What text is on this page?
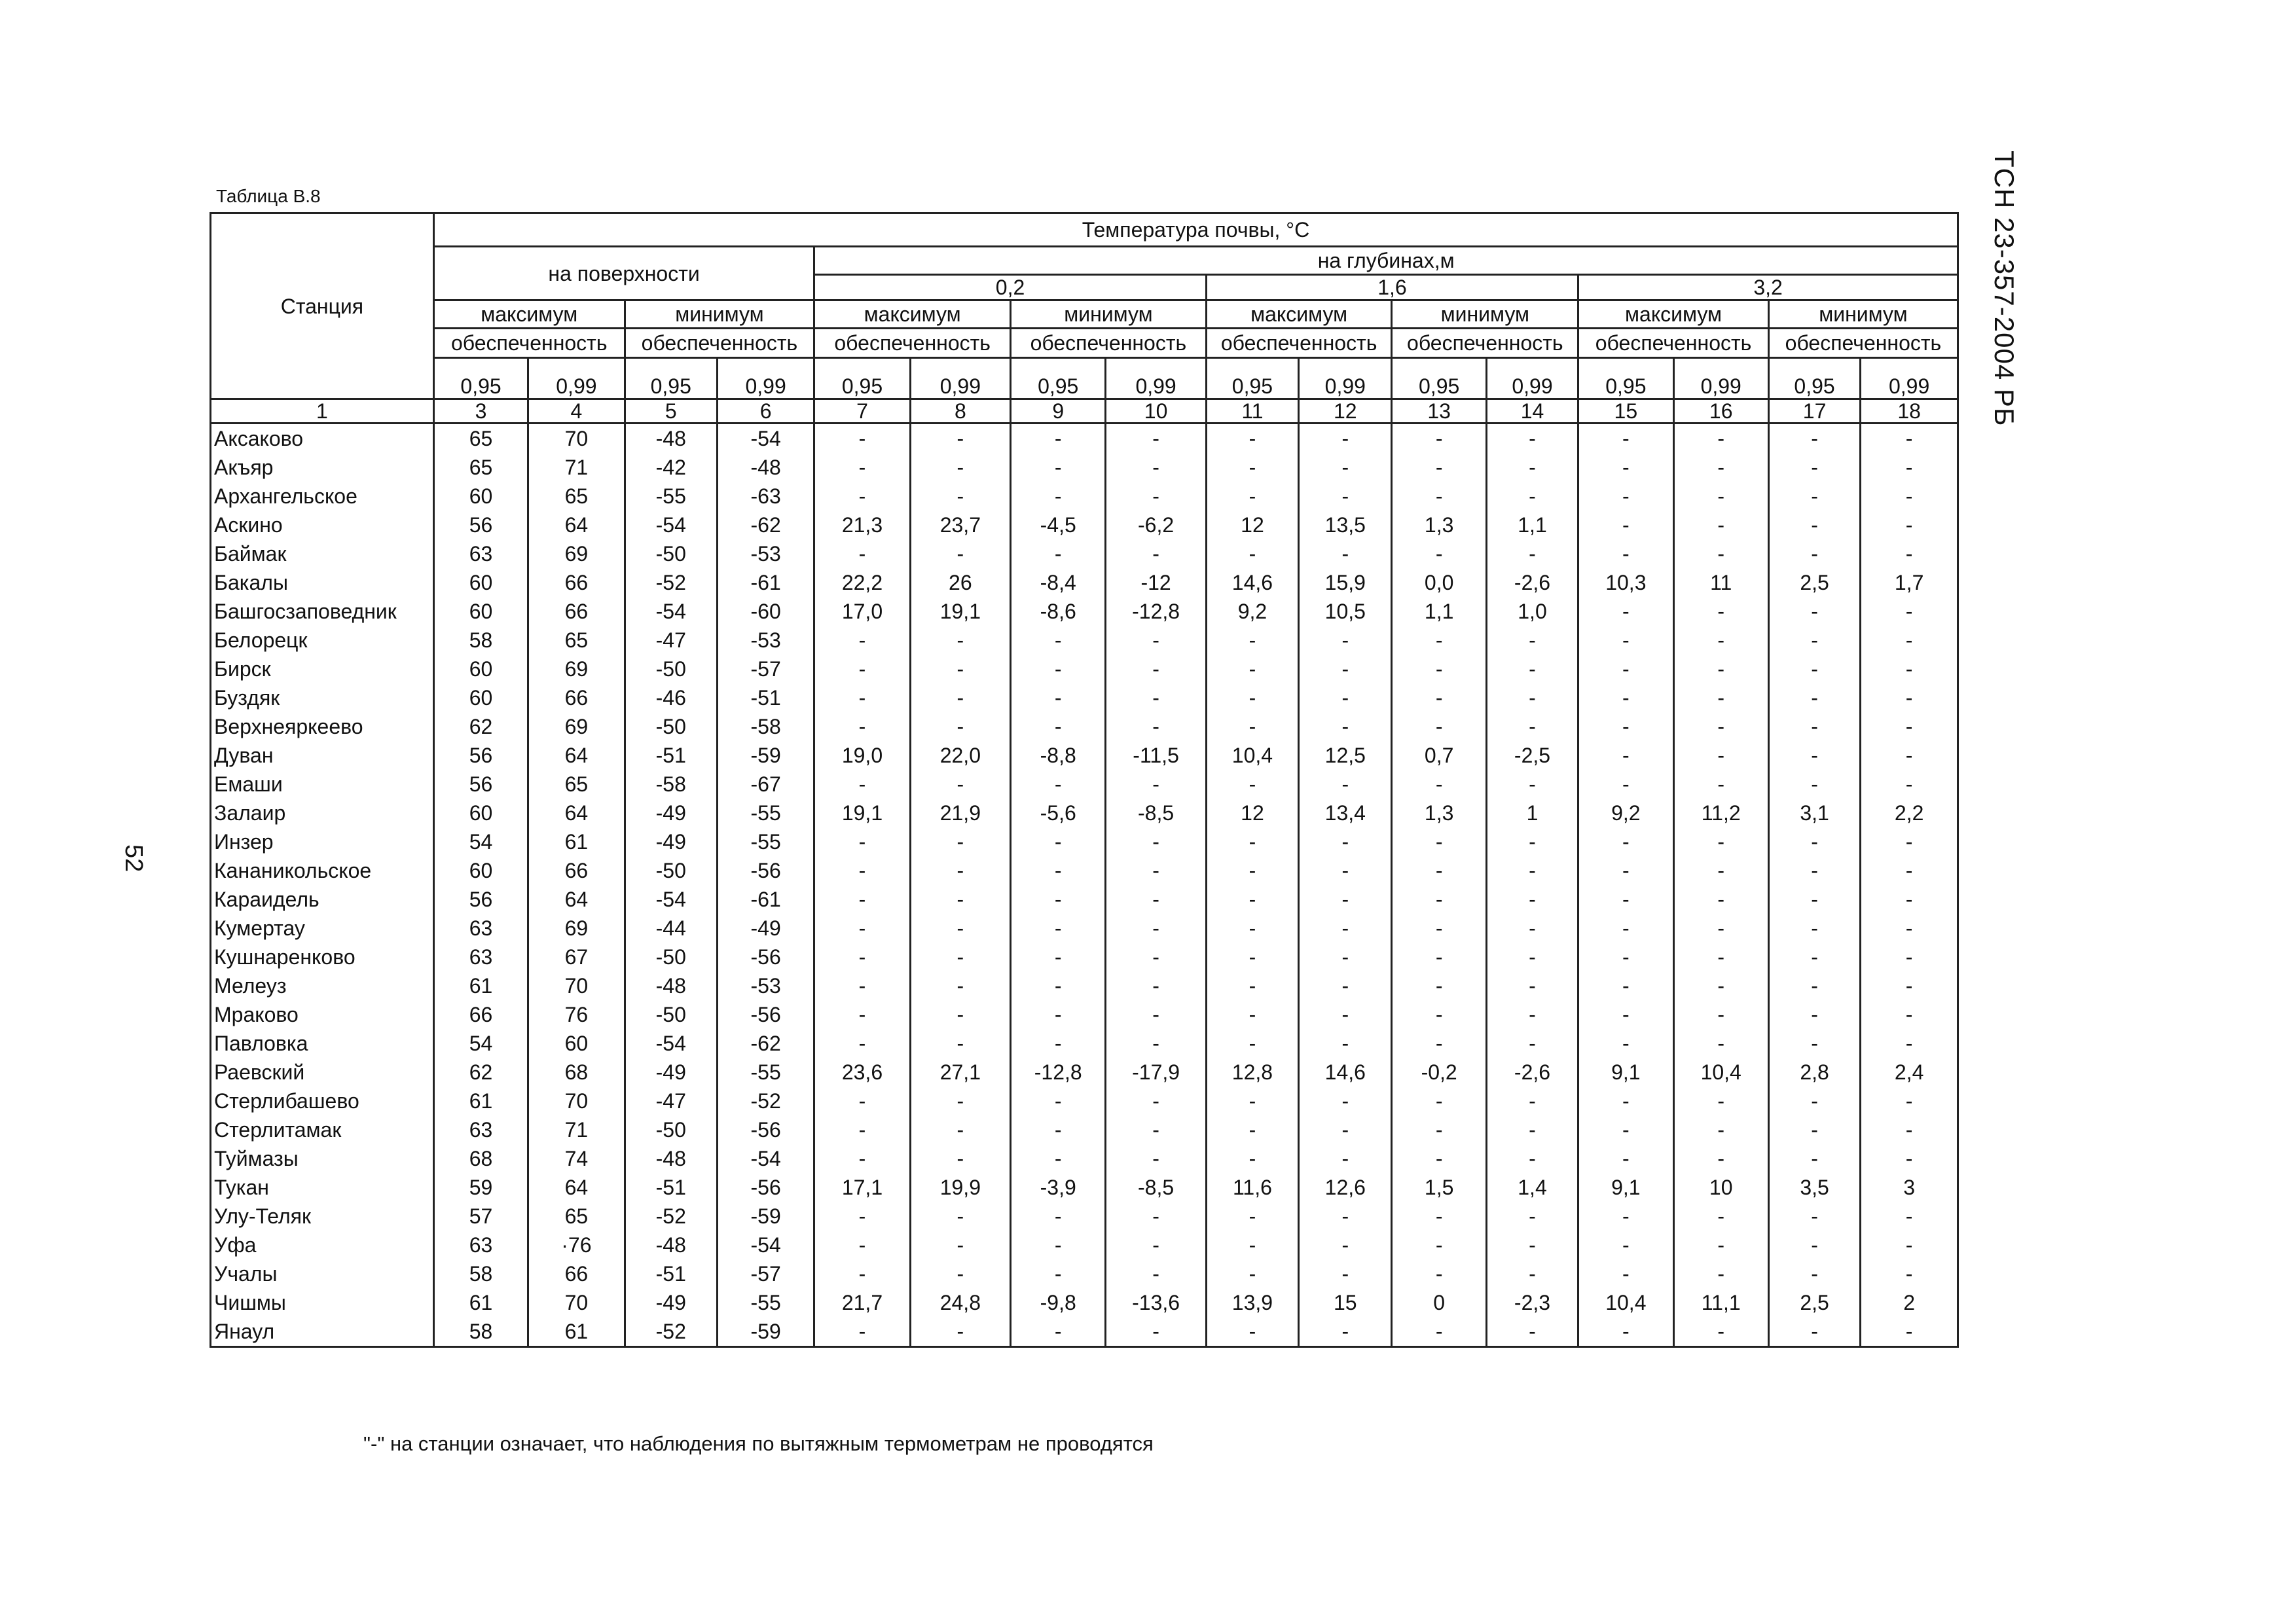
ТСН 23-357-2004 РБ
52
Таблица В.8
Станция	Температура почвы, °С															
	на поверхности				на глубинах,м											
					0,2				1,6				3,2			
	максимум		минимум		максимум		минимум		максимум		минимум		максимум		минимум	
	обеспеченность		обеспеченность		обеспеченность		обеспеченность		обеспеченность		обеспеченность		обеспеченность		обеспеченность	
	0,95	0,99	0,95	0,99	0,95	0,99	0,95	0,99	0,95	0,99	0,95	0,99	0,95	0,99	0,95	0,99
1	3	4	5	6	7	8	9	10	11	12	13	14	15	16	17	18
Аксаково	65	70	-48	-54	-	-	-	-	-	-	-	-	-	-	-	-
Акъяр	65	71	-42	-48	-	-	-	-	-	-	-	-	-	-	-	-
Архангельское	60	65	-55	-63	-	-	-	-	-	-	-	-	-	-	-	-
Аскино	56	64	-54	-62	21,3	23,7	-4,5	-6,2	12	13,5	1,3	1,1	-	-	-	-
Баймак	63	69	-50	-53	-	-	-	-	-	-	-	-	-	-	-	-
Бакалы	60	66	-52	-61	22,2	26	-8,4	-12	14,6	15,9	0,0	-2,6	10,3	11	2,5	1,7
Башгосзаповедник	60	66	-54	-60	17,0	19,1	-8,6	-12,8	9,2	10,5	1,1	1,0	-	-	-	-
Белорецк	58	65	-47	-53	-	-	-	-	-	-	-	-	-	-	-	-
Бирск	60	69	-50	-57	-	-	-	-	-	-	-	-	-	-	-	-
Буздяк	60	66	-46	-51	-	-	-	-	-	-	-	-	-	-	-	-
Верхнеяркеево	62	69	-50	-58	-	-	-	-	-	-	-	-	-	-	-	-
Дуван	56	64	-51	-59	19,0	22,0	-8,8	-11,5	10,4	12,5	0,7	-2,5	-	-	-	-
Емаши	56	65	-58	-67	-	-	-	-	-	-	-	-	-	-	-	-
Залаир	60	64	-49	-55	19,1	21,9	-5,6	-8,5	12	13,4	1,3	1	9,2	11,2	3,1	2,2
Инзер	54	61	-49	-55	-	-	-	-	-	-	-	-	-	-	-	-
Кананикольское	60	66	-50	-56	-	-	-	-	-	-	-	-	-	-	-	-
Караидель	56	64	-54	-61	-	-	-	-	-	-	-	-	-	-	-	-
Кумертау	63	69	-44	-49	-	-	-	-	-	-	-	-	-	-	-	-
Кушнаренково	63	67	-50	-56	-	-	-	-	-	-	-	-	-	-	-	-
Мелеуз	61	70	-48	-53	-	-	-	-	-	-	-	-	-	-	-	-
Мраково	66	76	-50	-56	-	-	-	-	-	-	-	-	-	-	-	-
Павловка	54	60	-54	-62	-	-	-	-	-	-	-	-	-	-	-	-
Раевский	62	68	-49	-55	23,6	27,1	-12,8	-17,9	12,8	14,6	-0,2	-2,6	9,1	10,4	2,8	2,4
Стерлибашево	61	70	-47	-52	-	-	-	-	-	-	-	-	-	-	-	-
Стерлитамак	63	71	-50	-56	-	-	-	-	-	-	-	-	-	-	-	-
Туймазы	68	74	-48	-54	-	-	-	-	-	-	-	-	-	-	-	-
Тукан	59	64	-51	-56	17,1	19,9	-3,9	-8,5	11,6	12,6	1,5	1,4	9,1	10	3,5	3
Улу-Теляк	57	65	-52	-59	-	-	-	-	-	-	-	-	-	-	-	-
Уфа	63	·76	-48	-54	-	-	-	-	-	-	-	-	-	-	-	-
Учалы	58	66	-51	-57	-	-	-	-	-	-	-	-	-	-	-	-
Чишмы	61	70	-49	-55	21,7	24,8	-9,8	-13,6	13,9	15	0	-2,3	10,4	11,1	2,5	2
Янаул	58	61	-52	-59	-	-	-	-	-	-	-	-	-	-	-	-
"-" на станции означает, что наблюдения по вытяжным термометрам не проводятся
